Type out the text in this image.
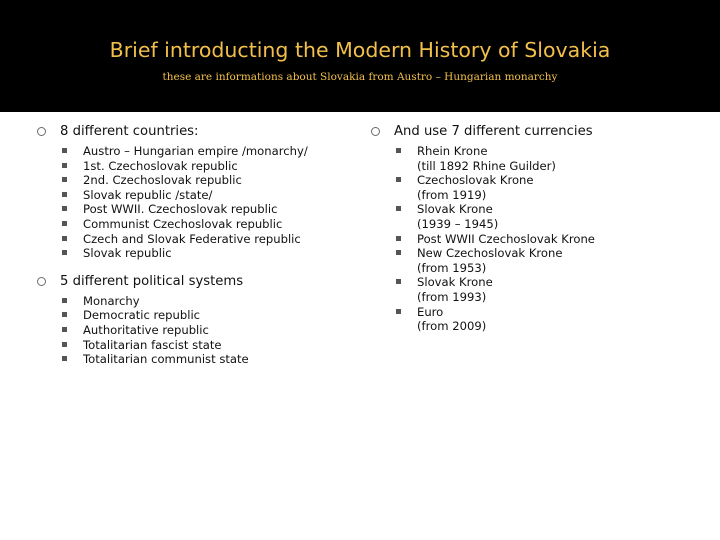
Brief introducting the Modern History of Slovakia
these are informations about Slovakia from Austro – Hungarian monarchy
8 different countries:
Austro – Hungarian empire /monarchy/
1st. Czechoslovak republic
2nd. Czechoslovak republic
Slovak republic /state/
Post WWII. Czechoslovak republic
Communist Czechoslovak republic
Czech and Slovak Federative republic
Slovak republic
5 different political systems
Monarchy
Democratic republic
Authoritative republic
Totalitarian fascist state
Totalitarian communist state
And use 7 different currencies
Rhein Krone
(till 1892 Rhine Guilder)
Czechoslovak Krone
(from 1919)
Slovak Krone
(1939 – 1945)
Post WWII Czechoslovak Krone
New Czechoslovak Krone
(from 1953)
Slovak Krone
(from 1993)
Euro
(from 2009)
